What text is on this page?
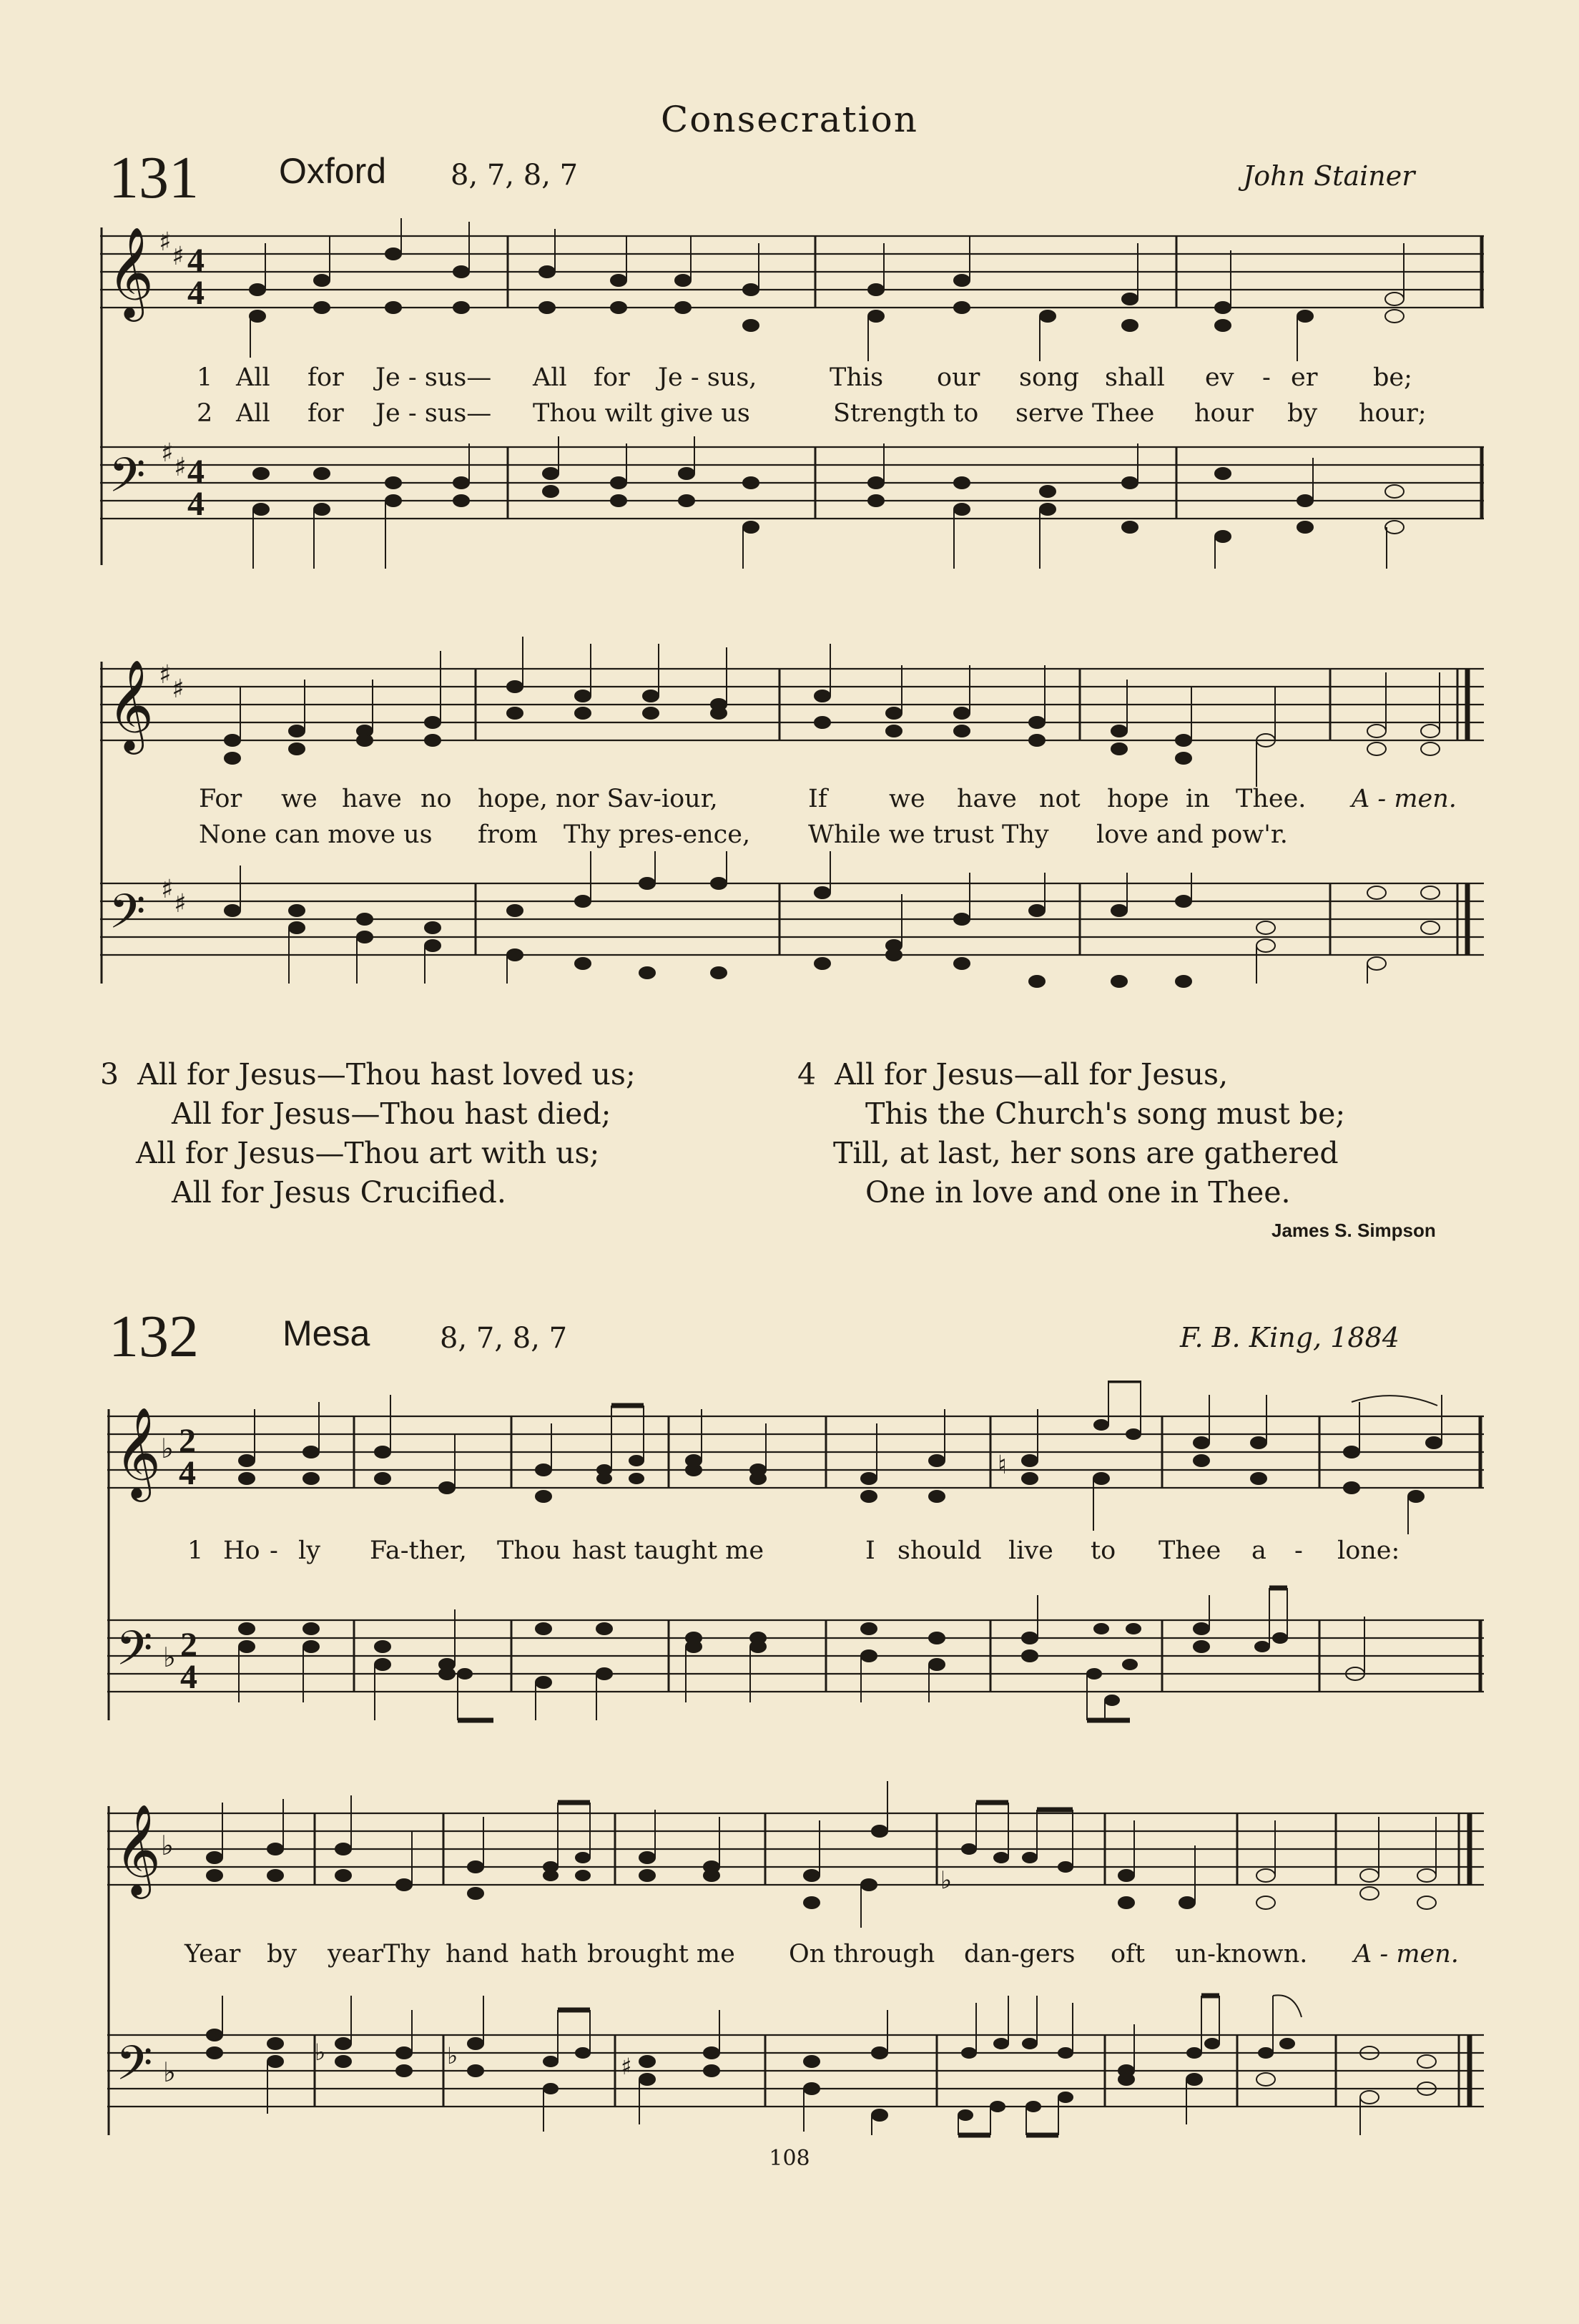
Consecration
131 Oxford 8, 7, 8, 7	John Stainer
𝄞
𝄢
♯ ♯
♯ ♯
4
4
4
4
1 All for Je - sus— All for Je - sus,	This our song shall ev - er be;
2 All for Je - sus— Thou wilt give us	Strength to serve Thee hour by hour;
𝄞
𝄢
♯ ♯
♯ ♯
For we have no hope, nor Sav-iour,	If we have not hope in Thee. A - men.
None can move us from Thy pres-ence, While we trust Thy love and pow'r.
3 All for Jesus—Thou hast loved us;
All for Jesus—Thou hast died;
All for Jesus—Thou art with us;
All for Jesus Crucified.
4 All for Jesus—all for Jesus,
This the Church's song must be;
Till, at last, her sons are gathered
One in love and one in Thee.
James S. Simpson
132 Mesa 8, 7, 8, 7	F. B. King, 1884
𝄞
𝄢
♭
♭
2
4
2
4
♮
1 Ho - ly Fa-ther, Thou hast taught me	I should live to Thee a - lone:
𝄞
𝄢
♭
♭
♭
♭	♭	♯
Year by year Thy hand hath brought me On through dan-gers oft un-known. A - men.
108
